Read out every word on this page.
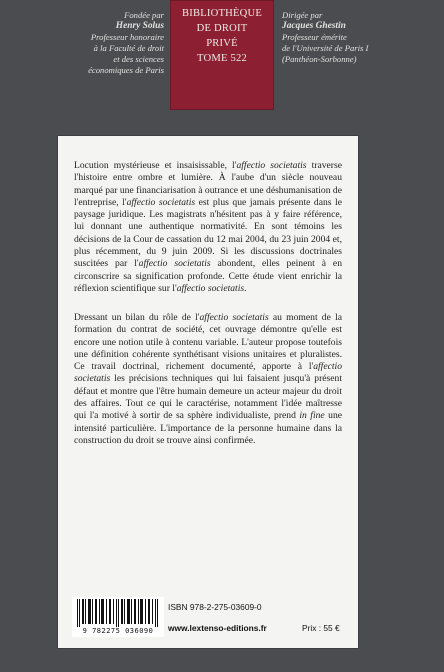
Fondée par
Henry Solus
Professeur honoraire
à la Faculté de droit
et des sciences
économiques de Paris
BIBLIOTHÈQUE
DE DROIT
PRIVÉ
TOME 522
Dirigée par
Jacques Ghestin
Professeur émérite
de l'Université de Paris I
(Panthéon-Sorbonne)

Locution mystérieuse et insaisissable, l'affectio societatis traverse l'histoire entre ombre et lumière. À l'aube d'un siècle nouveau marqué par une financiarisation à outrance et une déshumanisation de l'entreprise, l'affectio societatis est plus que jamais présente dans le paysage juridique. Les magistrats n'hésitent pas à y faire référence, lui donnant une authentique normativité. En sont témoins les décisions de la Cour de cassation du 12 mai 2004, du 23 juin 2004 et, plus récemment, du 9 juin 2009. Si les discussions doctrinales suscitées par l'affectio societatis abondent, elles peinent à en circonscrire sa signification profonde. Cette étude vient enrichir la réflexion scientifique sur l'affectio societatis.

Dressant un bilan du rôle de l'affectio societatis au moment de la formation du contrat de société, cet ouvrage démontre qu'elle est encore une notion utile à contenu variable. L'auteur propose toutefois une définition cohérente synthétisant visions unitaires et pluralistes. Ce travail doctrinal, richement documenté, apporte à l'affectio societatis les précisions techniques qui lui faisaient jusqu'à présent défaut et montre que l'être humain demeure un acteur majeur du droit des affaires. Tout ce qui le caractérise, notamment l'idée maîtresse qui l'a motivé à sortir de sa sphère individualiste, prend in fine une intensité particulière. L'importance de la personne humaine dans la construction du droit se trouve ainsi confirmée.

9 782275 036090
ISBN 978-2-275-03609-0
www.lextenso-editions.fr	Prix : 55 €
